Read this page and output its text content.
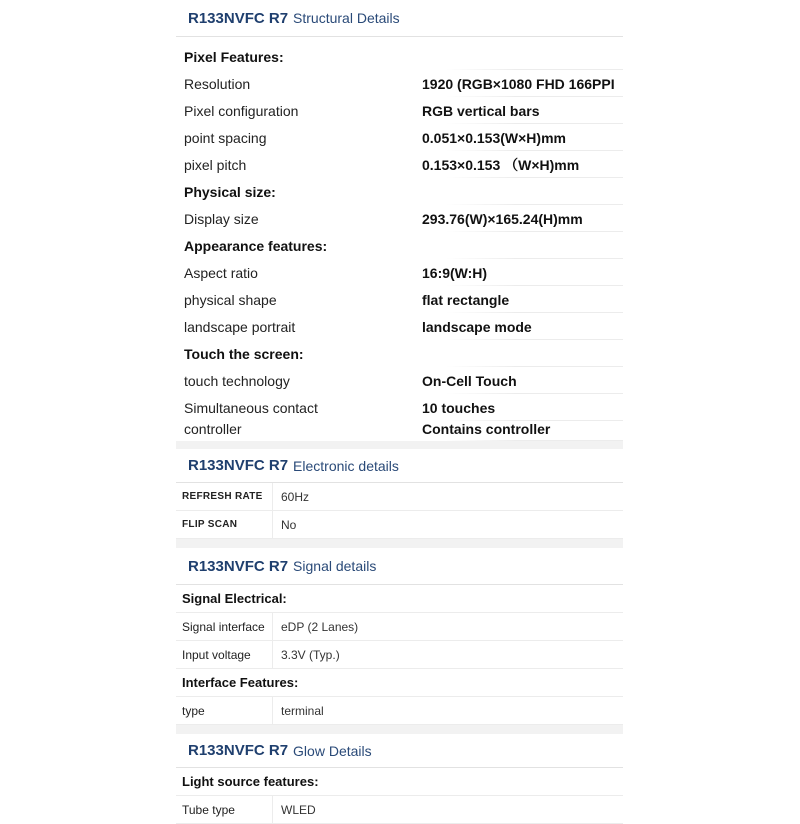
R133NVFC R7 Structural Details
Pixel Features:
Resolution	1920 (RGB×1080 FHD 166PPI
Pixel configuration	RGB vertical bars
point spacing	0.051×0.153(W×H)mm
pixel pitch	0.153×0.153 （W×H)mm
Physical size:
Display size	293.76(W)×165.24(H)mm
Appearance features:
Aspect ratio	16:9(W:H)
physical shape	flat rectangle
landscape portrait	landscape mode
Touch the screen:
touch technology	On-Cell Touch
Simultaneous contact	10 touches
controller	Contains controller
R133NVFC R7 Electronic details
REFRESH RATE	60Hz
FLIP SCAN	No
R133NVFC R7 Signal details
Signal Electrical:
Signal interface	eDP (2 Lanes)
Input voltage	3.3V (Typ.)
Interface Features:
type	terminal
R133NVFC R7 Glow Details
Light source features:
Tube type	WLED
